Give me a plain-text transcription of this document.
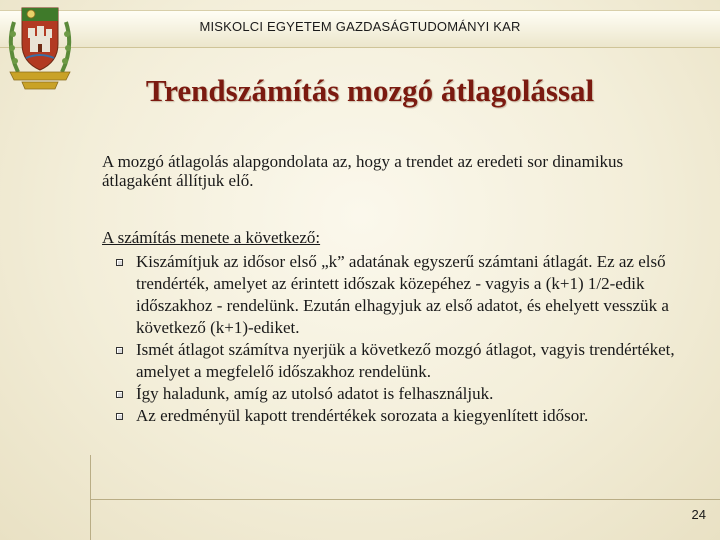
MISKOLCI EGYETEM GAZDASÁGTUDOMÁNYI KAR
Trendszámítás mozgó átlagolással
A mozgó átlagolás alapgondolata az, hogy a trendet az eredeti sor dinamikus átlagaként állítjuk elő.
A számítás menete a következő:
Kiszámítjuk az idősor első „k” adatának egyszerű számtani átlagát. Ez az első trendérték, amelyet az érintett időszak közepéhez - vagyis a (k+1) 1/2-edik időszakhoz - rendelünk. Ezután elhagyjuk az első adatot, és ehelyett vesszük a következő (k+1)-ediket.
Ismét átlagot számítva nyerjük a következő mozgó átlagot, vagyis trendértéket, amelyet a megfelelő időszakhoz rendelünk.
Így haladunk, amíg az utolsó adatot is felhasználjuk.
Az eredményül kapott trendértékek sorozata a kiegyenlített idősor.
24
